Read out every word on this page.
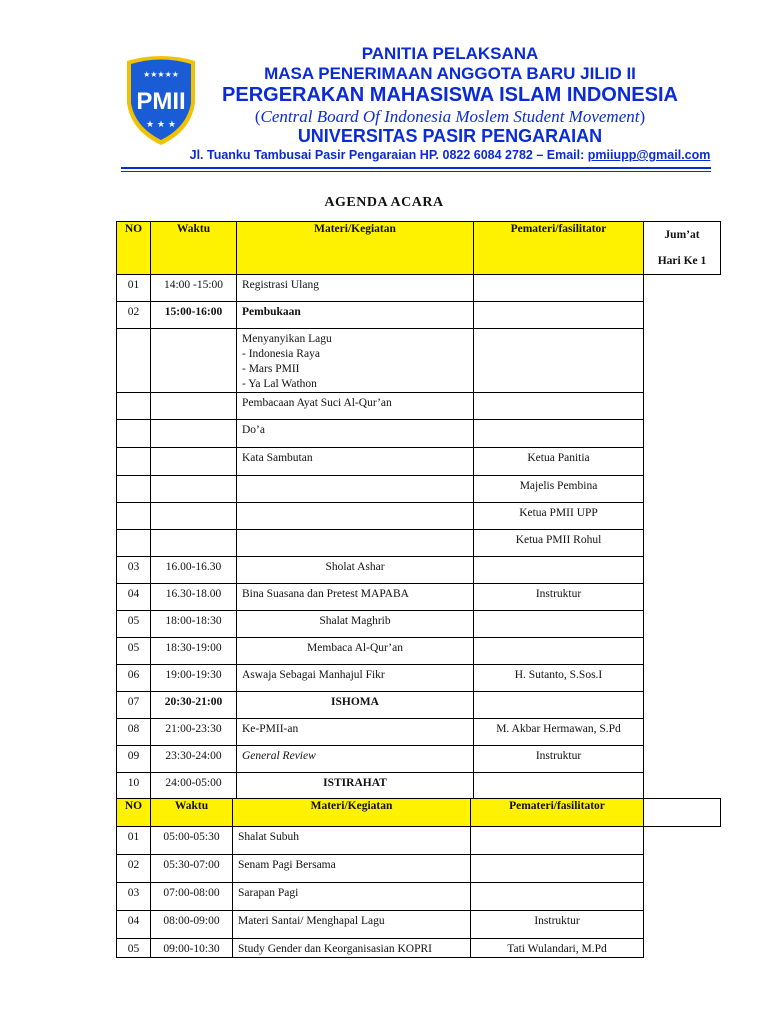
★★★★★
PMII
★ ★ ★
PANITIA PELAKSANA
MASA PENERIMAAN ANGGOTA BARU JILID II
PERGERAKAN MAHASISWA ISLAM INDONESIA
(Central Board Of Indonesia Moslem Student Movement)
UNIVERSITAS PASIR PENGARAIAN
Jl. Tuanku Tambusai Pasir Pengaraian HP. 0822 6084 2782 – Email: pmiiupp@gmail.com
AGENDA ACARA
NO	Waktu	Materi/Kegiatan	Pemateri/fasilitator	Jum’at
Hari Ke 1
01	14:00 -15:00	Registrasi Ulang		
02	15:00-16:00	Pembukaan		

		Menyanyikan Lagu
- Indonesia Raya
- Mars PMII
- Ya Lal Wathon		

		Pembacaan Ayat Suci Al-Qur’an		
		Do’a		
		Kata Sambutan	Ketua Panitia	
			Majelis Pembina	
			Ketua PMII UPP	
			Ketua PMII Rohul	
03	16.00-16.30	Sholat Ashar		
04	16.30-18.00	Bina Suasana dan Pretest MAPABA	Instruktur	
05	18:00-18:30	Shalat Maghrib		
05	18:30-19:00	Membaca Al-Qur’an		
06	19:00-19:30	Aswaja Sebagai Manhajul Fikr	H. Sutanto, S.Sos.I	
07	20:30-21:00	ISHOMA		
08	21:00-23:30	Ke-PMII-an	M. Akbar Hermawan, S.Pd	
09	23:30-24:00	General Review	Instruktur	
10	24:00-05:00	ISTIRAHAT		
NO	Waktu	Materi/Kegiatan	Pemateri/fasilitator	
01	05:00-05:30	Shalat Subuh		
02	05:30-07:00	Senam Pagi Bersama		
03	07:00-08:00	Sarapan Pagi		
04	08:00-09:00	Materi Santai/ Menghapal Lagu	Instruktur	
05	09:00-10:30	Study Gender dan Keorganisasian KOPRI	Tati Wulandari, M.Pd	
